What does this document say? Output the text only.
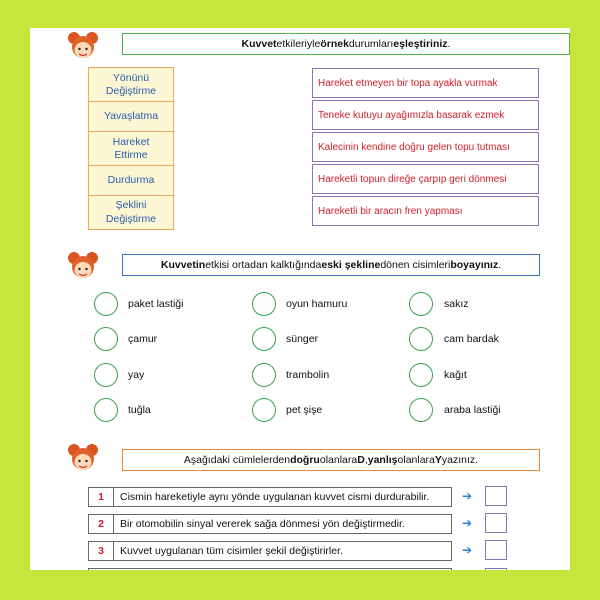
Kuvvet etkileriyle örnek durumları eşleştiriniz .
Yönünü
Değiştirme
Yavaşlatma
Hareket
Ettirme
Durdurma
Şeklini
Değiştirme
Hareket etmeyen bir topa ayakla vurmak
Teneke kutuyu ayağımızla basarak ezmek
Kalecinin kendine doğru gelen topu tutması
Hareketli topun direğe çarpıp geri dönmesi
Hareketli bir aracın fren yapması
Kuvvetin etkisi ortadan kalktığında eski şekline dönen cisimleri boyayınız .
paket lastiği	oyun hamuru	sakız
çamur	sünger	cam bardak
yay	trambolin	kağıt
tuğla	pet şişe	araba lastiği
Aşağıdaki cümlelerden doğru olanlara D , yanlış olanlara Y yazınız.
1	Cismin hareketiyle aynı yönde uygulanan kuvvet cismi durdurabilir.	➔
2	Bir otomobilin sinyal vererek sağa dönmesi yön değiştirmedir.	➔
3	Kuvvet uygulanan tüm cisimler şekil değiştirirler.	➔
